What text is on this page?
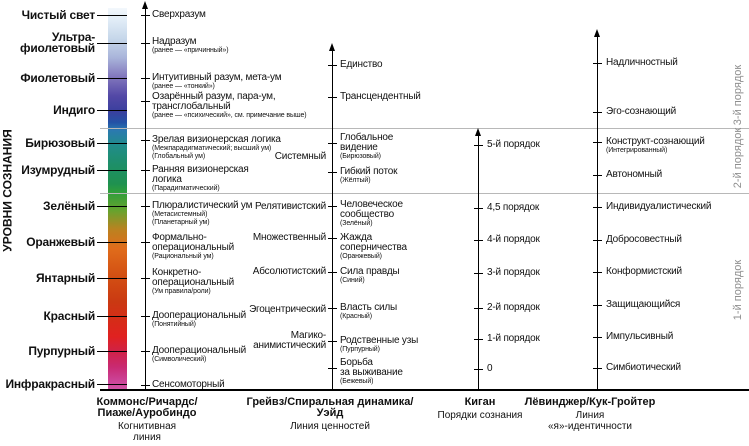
УРОВНИ СОЗНАНИЯ
Чистый свет
Ультра-
фиолетовый
Фиолетовый
Индиго
Бирюзовый
Изумрудный
Зелёный
Оранжевый
Янтарный
Красный
Пурпурный
Инфракрасный
Сверхразум
Надразум
(ранее — «причинный»)
Интуитивный разум, мета-ум
(ранее — «тонкий»)
Озарённый разум, пара-ум,
трансглобальный
(ранее — «психический», см. примечание выше)
Зрелая визионерская логика
(Межпарадигматический; высший ум)
(Глобальный ум)
Ранняя визионерская
логика
(Парадигматический)
Плюралистический ум
(Метасистемный)
(Планетарный ум)
Формально-
операциональный
(Рациональный ум)
Конкретно-
операциональный
(Ум правила/роли)
Дооперациональный
(Понятийный)
Дооперациональный
(Символический)
Сенсомоторный
Системный
Релятивистский
Множественный
Абсолютистский
Эгоцентрический
Магико-
анимистический
Коммонс/Ричардс/
Пиаже/Ауробиндо
Когнитивная
линия
Единство
Трансцендентный
Глобальное
видение
(Бирюзовый)
Гибкий поток
(Жёлтый)
Человеческое
сообщество
(Зелёный)
Жажда
соперничества
(Оранжевый)
Сила правды
(Синий)
Власть силы
(Красный)
Родственные узы
(Пурпурный)
Борьба
за выживание
(Бежевый)
Грейвз/Спиральная динамика/
Уэйд
Линия ценностей
5-й порядок
4,5 порядок
4-й порядок
3-й порядок
2-й порядок
1-й порядок
0
Киган
Порядки сознания
Надличностный
Эго-сознающий
Конструкт-сознающий
(Интегрированный)
Автономный
Индивидуалистический
Добросовестный
Конформистский
Защищающийся
Импульсивный
Симбиотический
Лёвинджер/Кук-Гройтер
Линия
«я»-идентичности
3-й порядок
2-й порядок
1-й порядок
